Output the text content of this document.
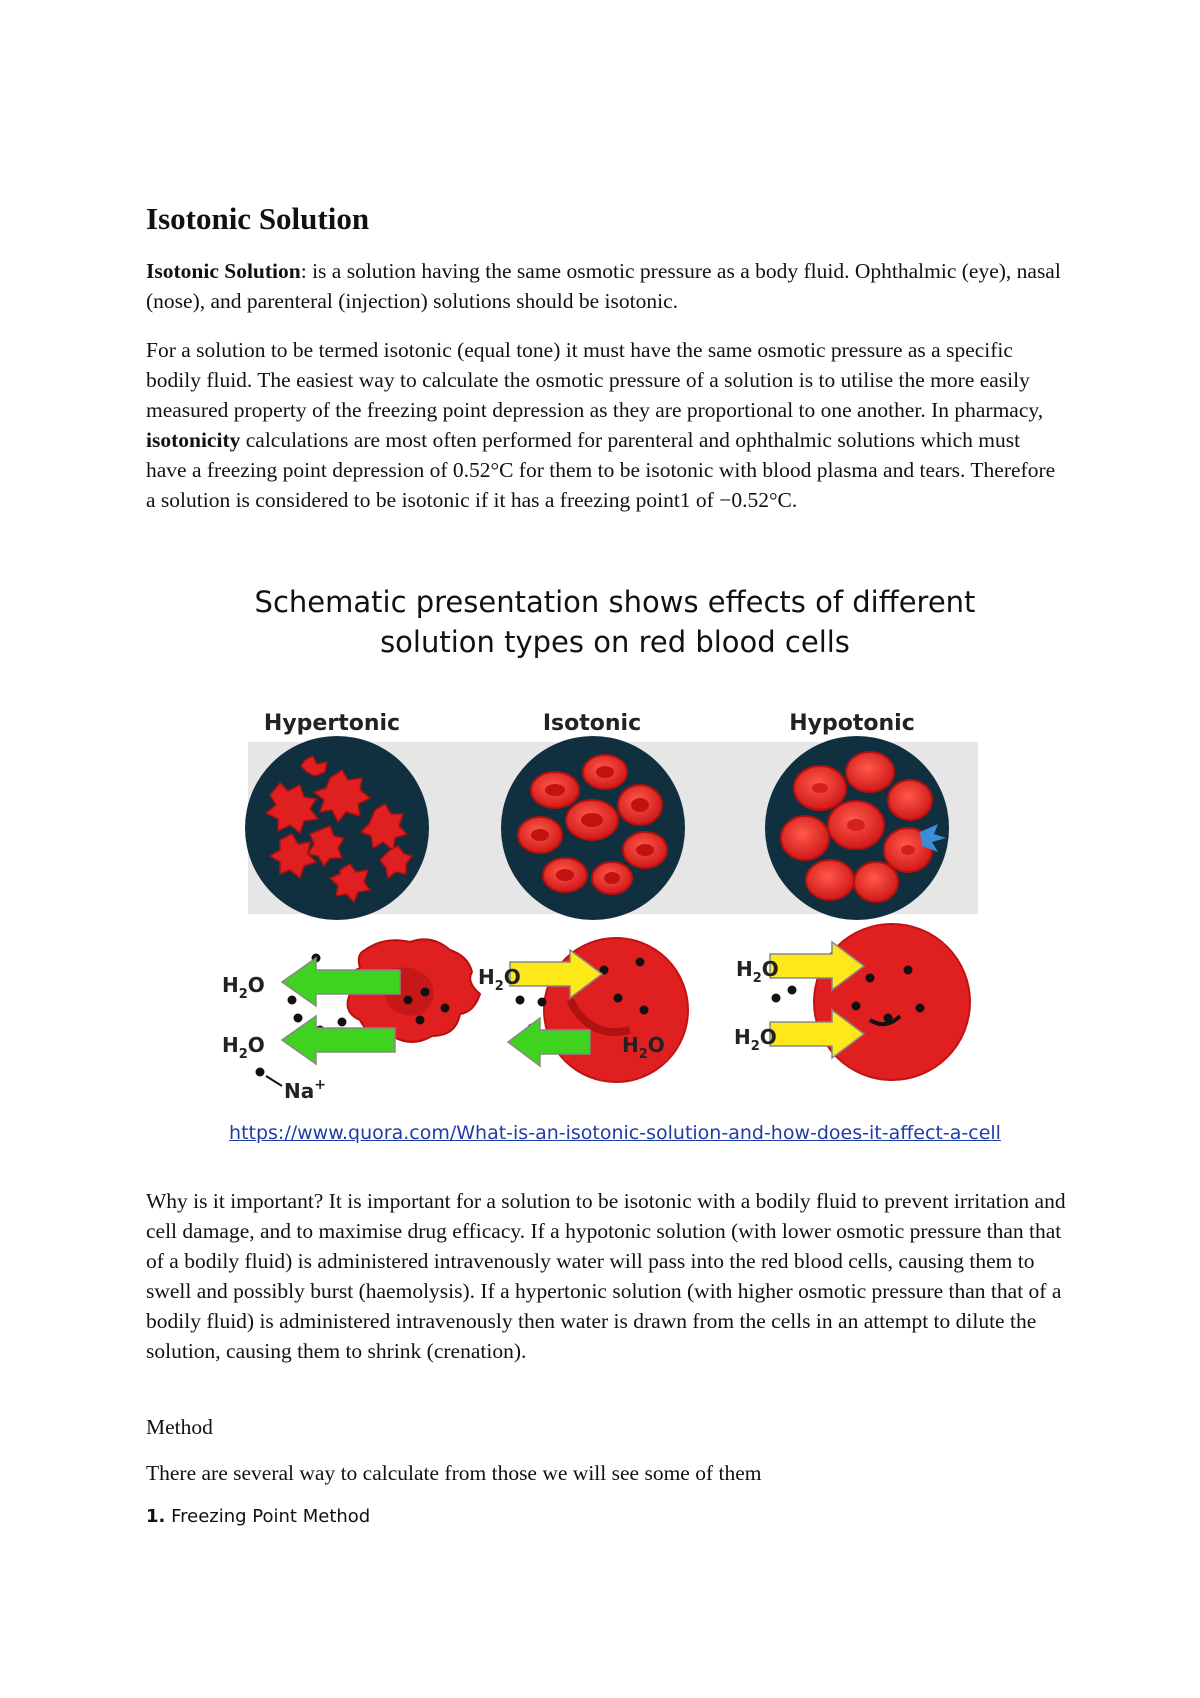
Isotonic Solution

Isotonic Solution: is a solution having the same osmotic pressure as a body fluid. Ophthalmic (eye), nasal (nose), and parenteral (injection) solutions should be isotonic.

For a solution to be termed isotonic (equal tone) it must have the same osmotic pressure as a specific bodily fluid. The easiest way to calculate the osmotic pressure of a solution is to utilise the more easily measured property of the freezing point depression as they are proportional to one another. In pharmacy, isotonicity calculations are most often performed for parenteral and ophthalmic solutions which must have a freezing point depression of 0.52°C for them to be isotonic with blood plasma and tears. Therefore a solution is considered to be isotonic if it has a freezing point1 of −0.52°C.

Schematic presentation shows effects of different
solution types on red blood cells

Hypertonic	Isotonic	Hypotonic
$H_2O$
$H_2O$
Na+
$H_2O$
$H_2O$
$H_2O$
$H_2O$

https://www.quora.com/What-is-an-isotonic-solution-and-how-does-it-affect-a-cell

Why is it important? It is important for a solution to be isotonic with a bodily fluid to prevent irritation and cell damage, and to maximise drug efficacy. If a hypotonic solution (with lower osmotic pressure than that of a bodily fluid) is administered intravenously water will pass into the red blood cells, causing them to swell and possibly burst (haemolysis). If a hypertonic solution (with higher osmotic pressure than that of a bodily fluid) is administered intravenously then water is drawn from the cells in an attempt to dilute the solution, causing them to shrink (crenation).

Method

There are several way to calculate from those we will see some of them

1. Freezing Point Method
